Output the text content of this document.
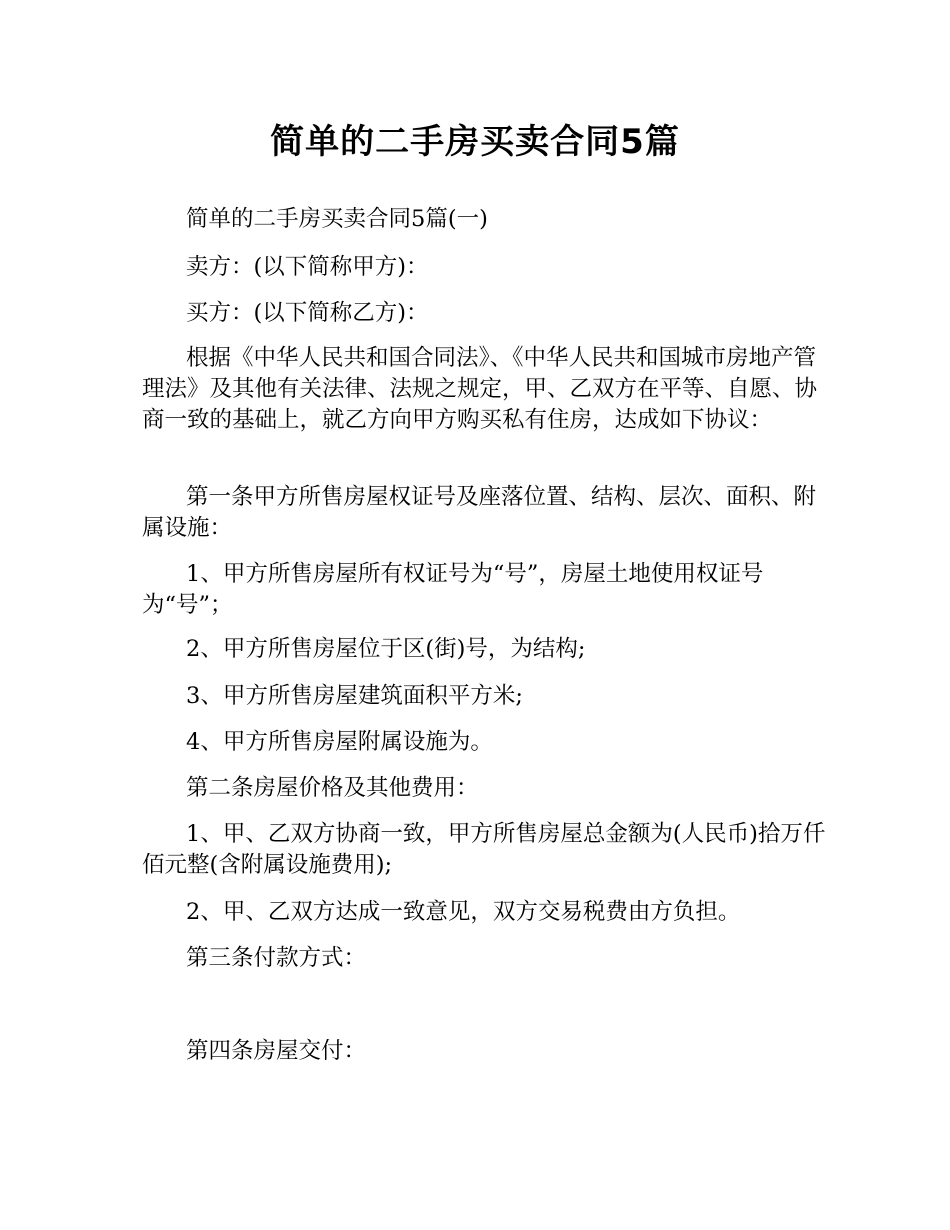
简单的二手房买卖合同5篇

简单的二手房买卖合同5篇(一)

卖方：(以下简称甲方)：

买方：(以下简称乙方)：

根据《中华人民共和国合同法》、《中华人民共和国城市房地产管理法》及其他有关法律、法规之规定，甲、乙双方在平等、自愿、协商一致的基础上，就乙方向甲方购买私有住房，达成如下协议：

第一条甲方所售房屋权证号及座落位置、结构、层次、面积、附属设施：

1、甲方所售房屋所有权证号为“号”，房屋土地使用权证号为“号”；

2、甲方所售房屋位于区(街)号，为结构;

3、甲方所售房屋建筑面积平方米;

4、甲方所售房屋附属设施为。

第二条房屋价格及其他费用：

1、甲、乙双方协商一致，甲方所售房屋总金额为(人民币)拾万仟佰元整(含附属设施费用);

2、甲、乙双方达成一致意见，双方交易税费由方负担。

第三条付款方式：

第四条房屋交付：
